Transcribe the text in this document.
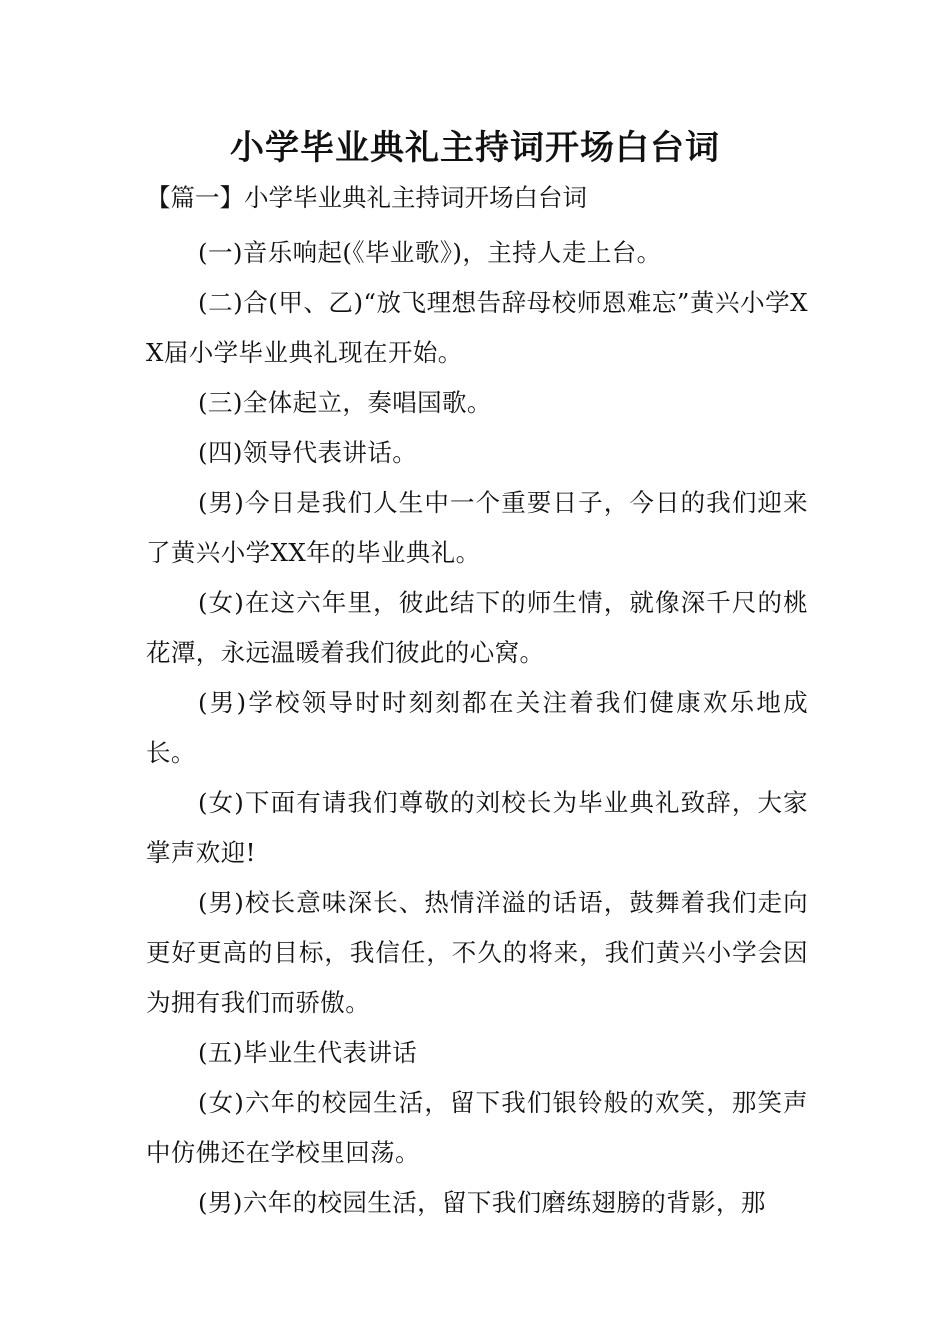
小学毕业典礼主持词开场白台词
【篇一】小学毕业典礼主持词开场白台词

(一)音乐响起(《毕业歌》)，主持人走上台。

(二)合(甲、乙)“放飞理想告辞母校师恩难忘”黄兴小学XX届小学毕业典礼现在开始。

(三)全体起立，奏唱国歌。

(四)领导代表讲话。

(男)今日是我们人生中一个重要日子，今日的我们迎来了黄兴小学XX年的毕业典礼。

(女)在这六年里，彼此结下的师生情，就像深千尺的桃花潭，永远温暖着我们彼此的心窝。

(男)学校领导时时刻刻都在关注着我们健康欢乐地成长。

(女)下面有请我们尊敬的刘校长为毕业典礼致辞，大家掌声欢迎!

(男)校长意味深长、热情洋溢的话语，鼓舞着我们走向更好更高的目标，我信任，不久的将来，我们黄兴小学会因为拥有我们而骄傲。

(五)毕业生代表讲话

(女)六年的校园生活，留下我们银铃般的欢笑，那笑声中仿佛还在学校里回荡。

(男)六年的校园生活，留下我们磨练翅膀的背影，那
